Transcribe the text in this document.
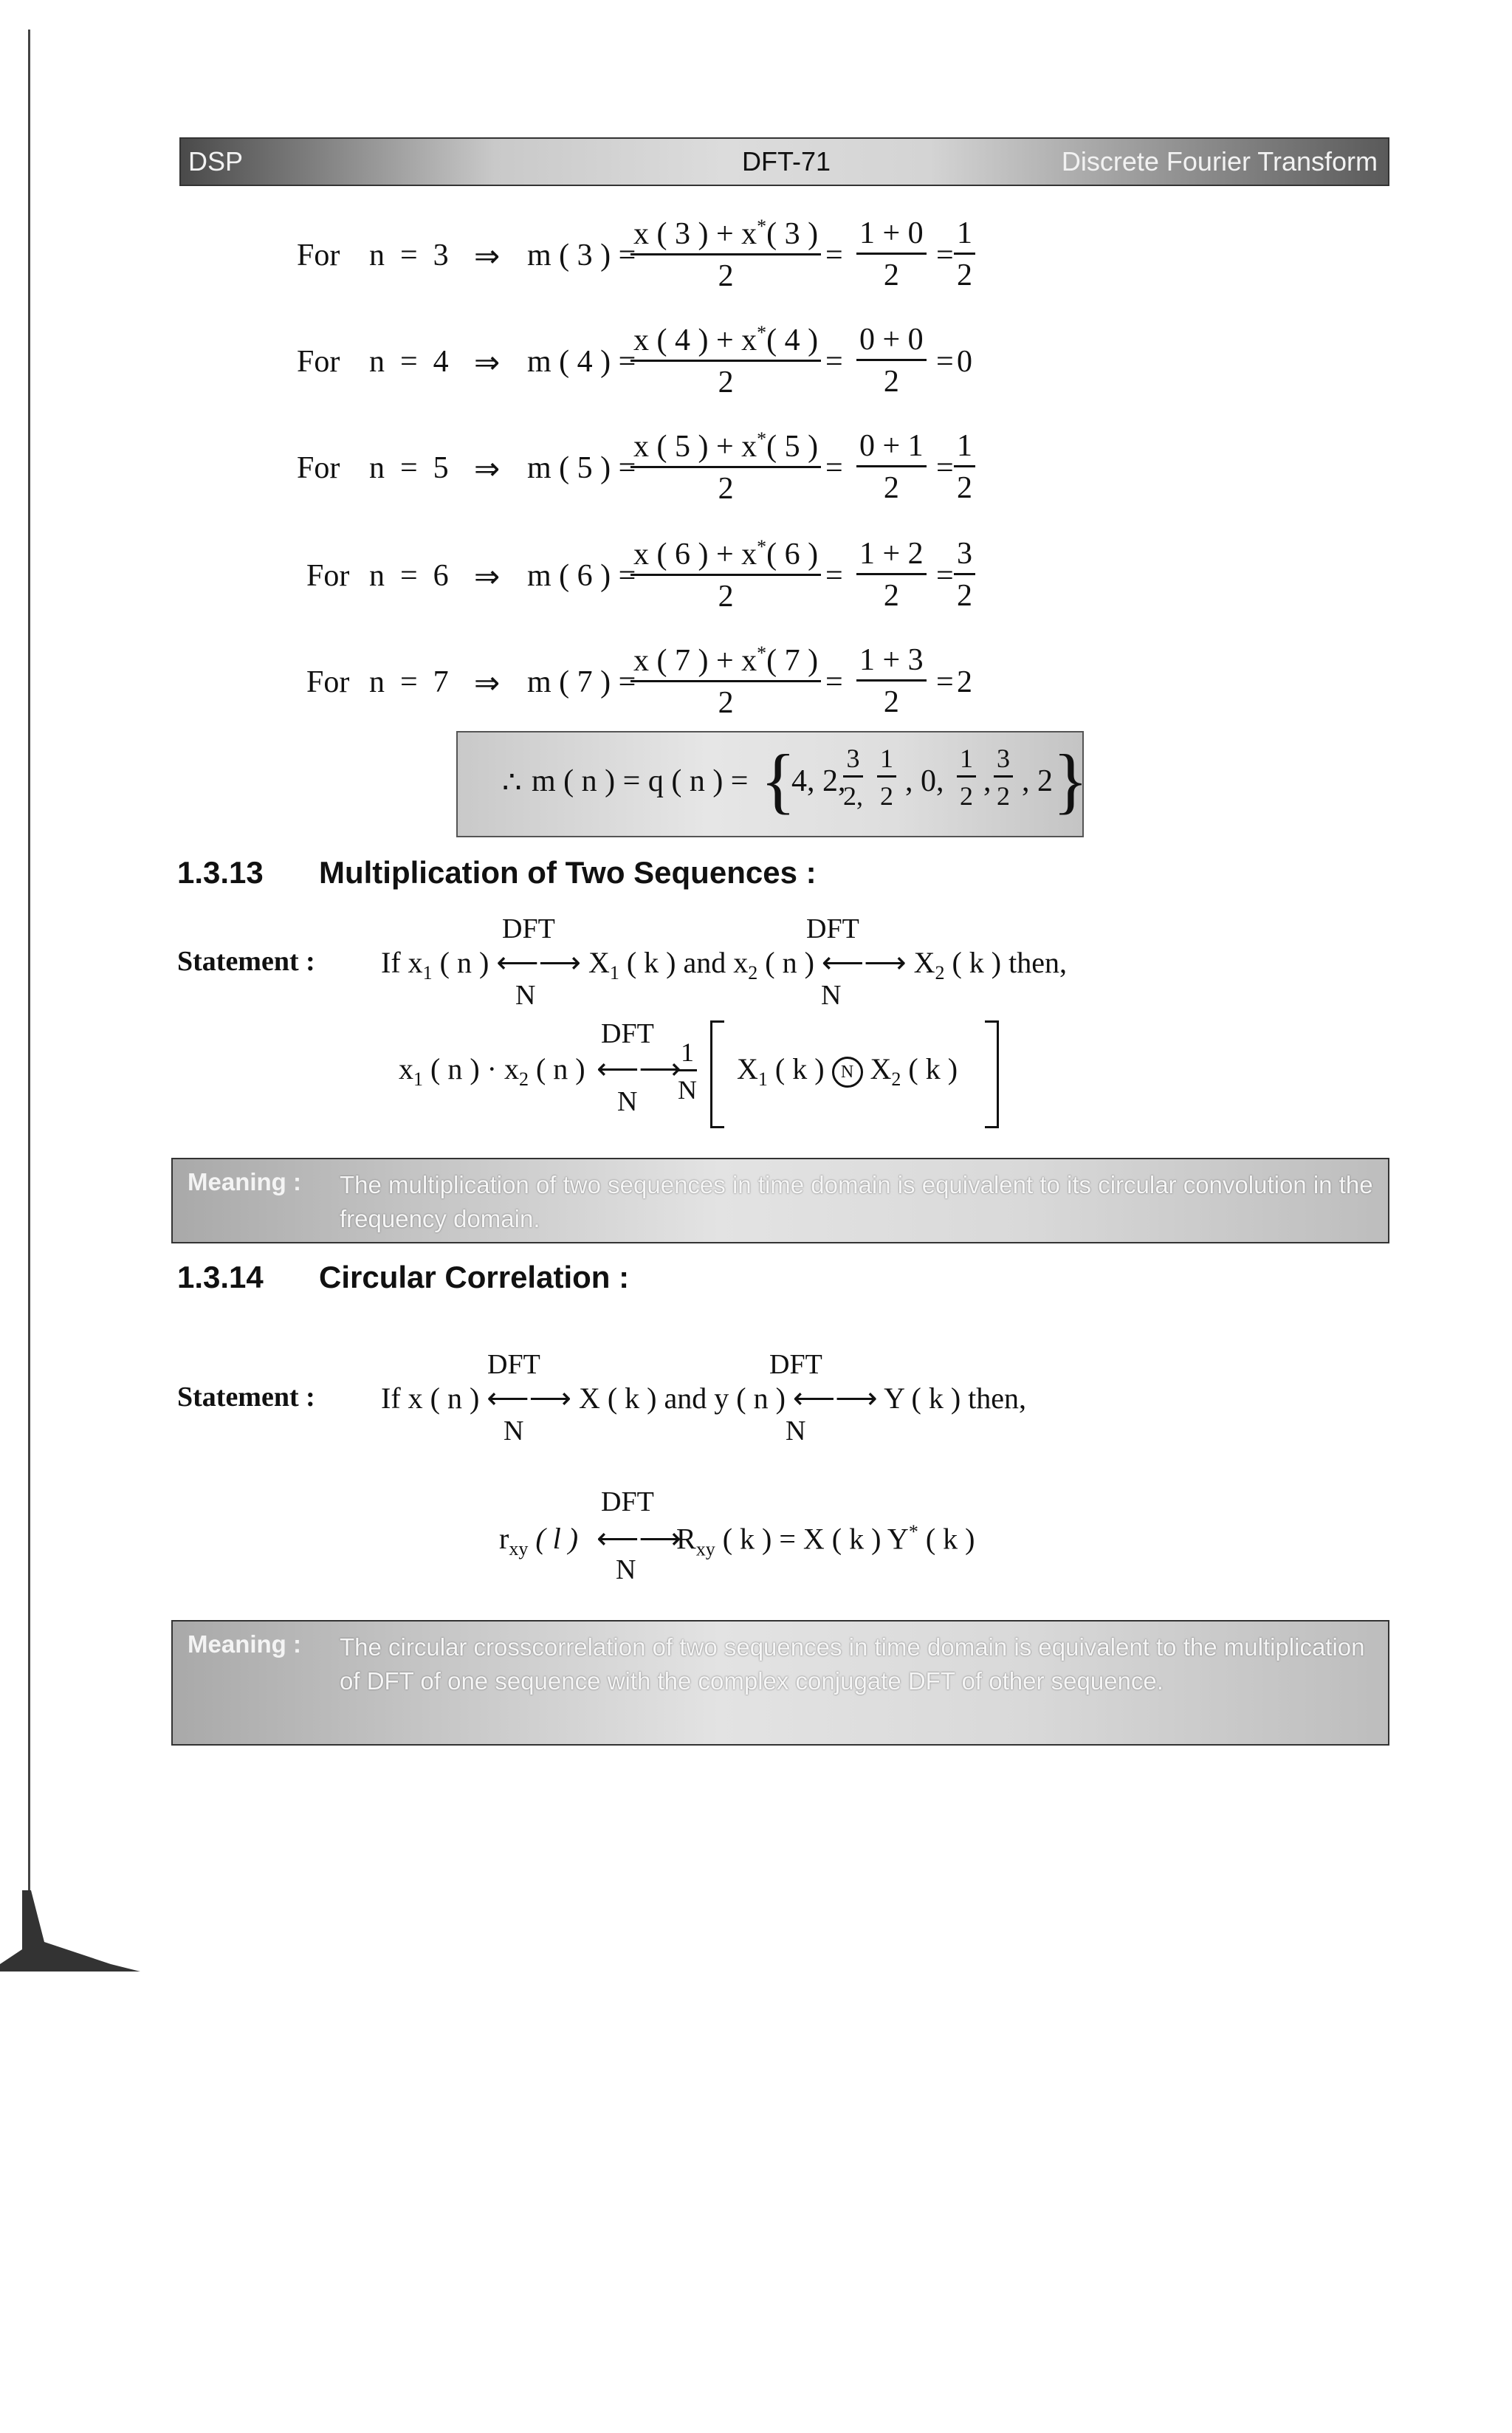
DSP	DFT-71	Discrete Fourier Transform
For n  =  3 ⇒ m ( 3 ) =
$\frac{x ( 3 ) + x^*( 3 )}{2} = \frac{1 + 0}{2} = \frac{1}{2}$
For n  =  4 ⇒ m ( 4 ) =
$\frac{x ( 4 ) + x^*( 4 )}{2} = \frac{0 + 0}{2} = 0$
For n  =  5 ⇒ m ( 5 ) =
$\frac{x ( 5 ) + x^*( 5 )}{2} = \frac{0 + 1}{2} = \frac{1}{2}$
For n  =  6 ⇒ m ( 6 ) =
$\frac{x ( 6 ) + x^*( 6 )}{2} = \frac{1 + 2}{2} = \frac{3}{2}$
For n  =  7 ⇒ m ( 7 ) =
$\frac{x ( 7 ) + x^*( 7 )}{2} = \frac{1 + 3}{2} = 2$
∴ m ( n ) = q ( n ) = {
4, 2,
$\frac{3}{2,} \frac{1}{2}$ , 0, $\frac{1}{2}$ , $\frac{3}{2}$ , 2 }
1.3.13 Multiplication of Two Sequences :
Statement :
DFT	DFT
N	N
If $x_1$ ( n ) ⟵⟶ $X_1$ ( k ) and $x_2$ ( n ) ⟵⟶ $X_2$ ( k ) then,
DFT
N
$x_1$ ( n ) · $x_2$ ( n ) ⟵⟶
$\frac{1}{N} X_1$ ( k ) N $X_2$ ( k )
Meaning : The multiplication of two sequences in time domain is equivalent to its circular convolution in the frequency domain.
1.3.14 Circular Correlation :
Statement :
DFT	DFT
N	N
If x ( n ) ⟵⟶ X ( k ) and y ( n ) ⟵⟶ Y ( k ) then,
DFT
N
$r_{xy}$ ( l ) ⟵⟶
$R_{xy}$ ( k ) = X ( k ) Y* ( k )
Meaning : The circular crosscorrelation of two sequences in time domain is equivalent to the multiplication of DFT of one sequence with the complex conjugate DFT of other sequence.
